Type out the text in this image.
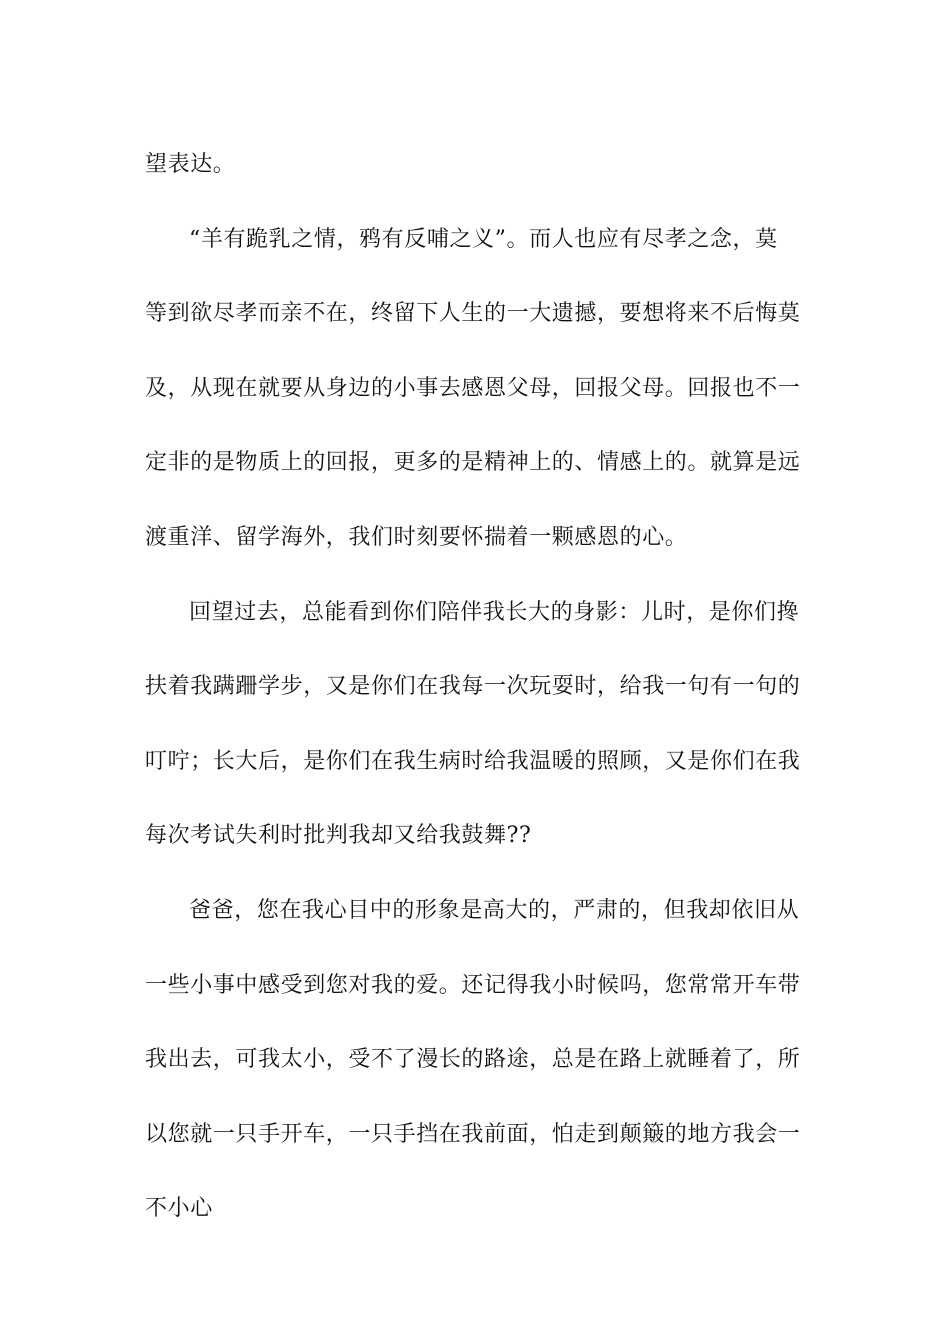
望表达。
“羊有跪乳之情，鸦有反哺之义”。而人也应有尽孝之念，莫
等到欲尽孝而亲不在，终留下人生的一大遗撼，要想将来不后悔莫
及，从现在就要从身边的小事去感恩父母，回报父母。回报也不一
定非的是物质上的回报，更多的是精神上的、情感上的。就算是远
渡重洋、留学海外，我们时刻要怀揣着一颗感恩的心。
回望过去，总能看到你们陪伴我长大的身影：儿时，是你们搀
扶着我蹒跚学步，又是你们在我每一次玩耍时，给我一句有一句的
叮咛；长大后，是你们在我生病时给我温暖的照顾，又是你们在我
每次考试失利时批判我却又给我鼓舞??
爸爸，您在我心目中的形象是高大的，严肃的，但我却依旧从
一些小事中感受到您对我的爱。还记得我小时候吗，您常常开车带
我出去，可我太小，受不了漫长的路途，总是在路上就睡着了，所
以您就一只手开车，一只手挡在我前面，怕走到颠簸的地方我会一
不小心
